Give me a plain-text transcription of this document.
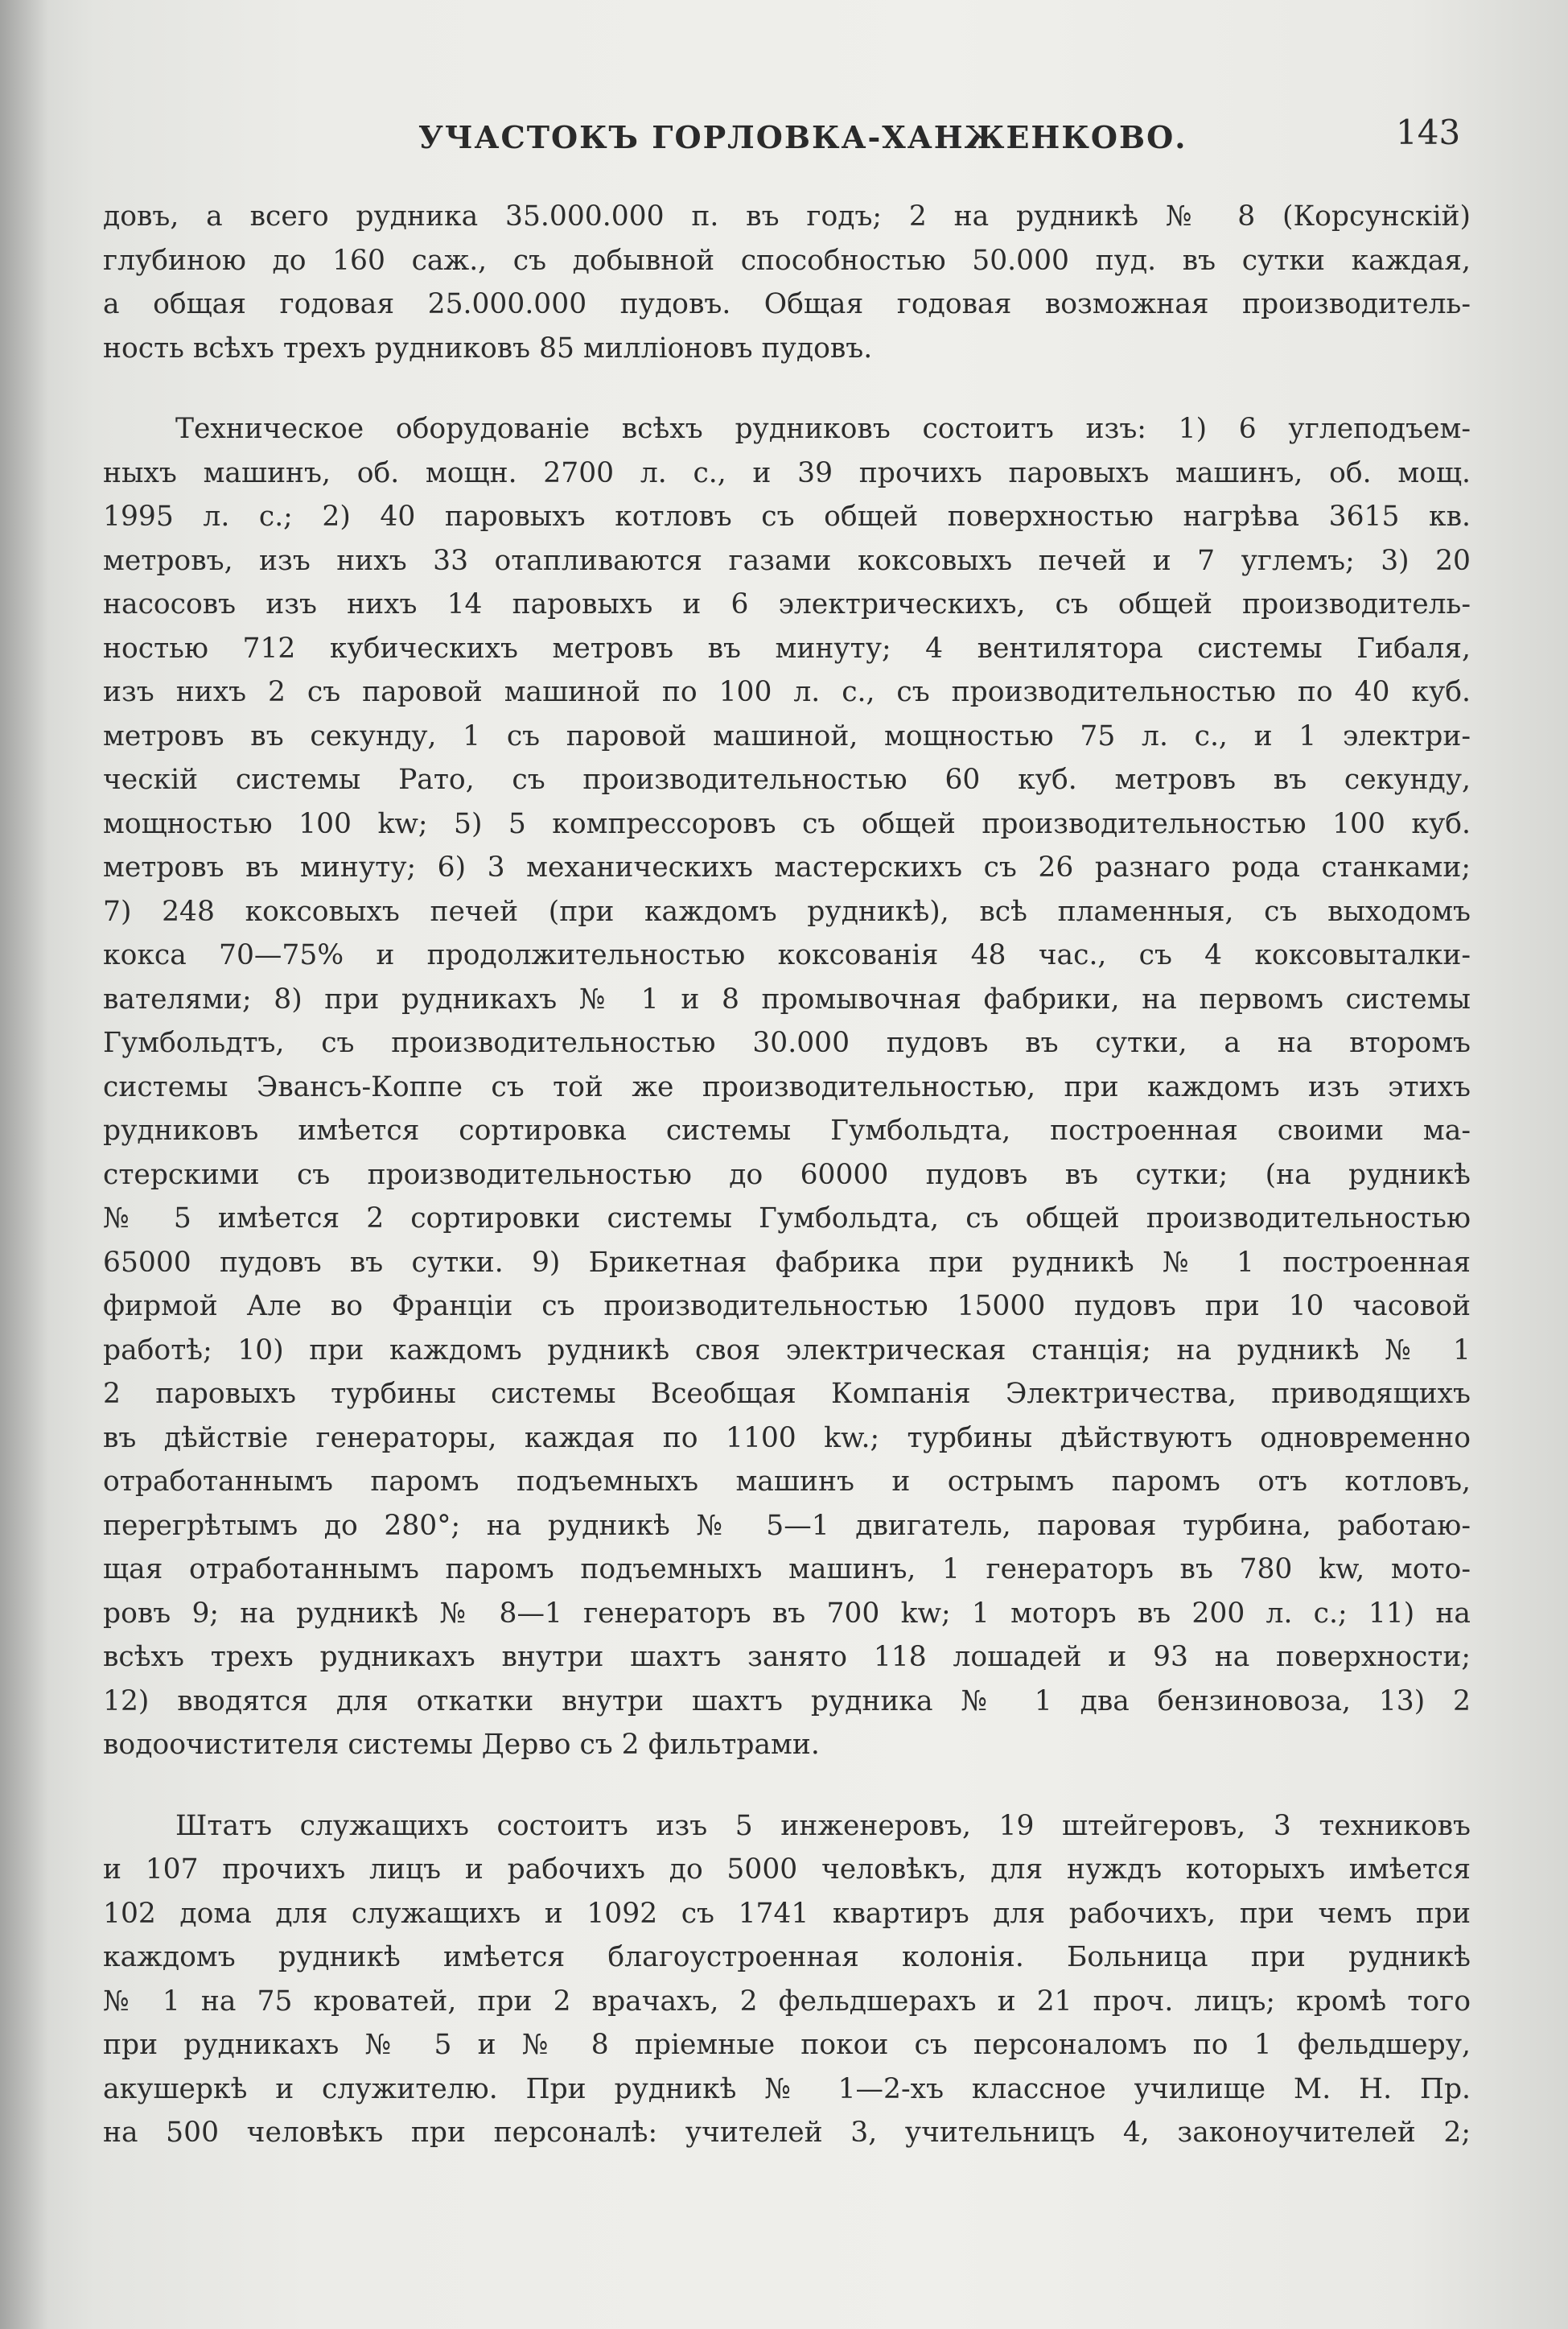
УЧАСТОКЪ ГОРЛОВКА-ХАНЖЕНКОВО.	143
довъ, а всего рудника 35.000.000 п. въ годъ; 2 на рудникѣ № 8 (Корсунскій)
глубиною до 160 саж., съ добывной способностью 50.000 пуд. въ сутки каждая,
а общая годовая 25.000.000 пудовъ. Общая годовая возможная производитель-
ность всѣхъ трехъ рудниковъ 85 милліоновъ пудовъ.
Техническое оборудованіе всѣхъ рудниковъ состоитъ изъ: 1) 6 углеподъем-
ныхъ машинъ, об. мощн. 2700 л. с., и 39 прочихъ паровыхъ машинъ, об. мощ.
1995 л. с.; 2) 40 паровыхъ котловъ съ общей поверхностью нагрѣва 3615 кв.
метровъ, изъ нихъ 33 отапливаются газами коксовыхъ печей и 7 углемъ; 3) 20
насосовъ изъ нихъ 14 паровыхъ и 6 электрическихъ, съ общей производитель-
ностью 712 кубическихъ метровъ въ минуту; 4 вентилятора системы Гибаля,
изъ нихъ 2 съ паровой машиной по 100 л. с., съ производительностью по 40 куб.
метровъ въ секунду, 1 съ паровой машиной, мощностью 75 л. с., и 1 электри-
ческій системы Рато, съ производительностью 60 куб. метровъ въ секунду,
мощностью 100 kw; 5) 5 компрессоровъ съ общей производительностью 100 куб.
метровъ въ минуту; 6) 3 механическихъ мастерскихъ съ 26 разнаго рода станками;
7) 248 коксовыхъ печей (при каждомъ рудникѣ), всѣ пламенныя, съ выходомъ
кокса 70—75% и продолжительностью коксованія 48 час., съ 4 коксовыталки-
вателями; 8) при рудникахъ № 1 и 8 промывочная фабрики, на первомъ системы
Гумбольдтъ, съ производительностью 30.000 пудовъ въ сутки, а на второмъ
системы Эвансъ-Коппе съ той же производительностью, при каждомъ изъ этихъ
рудниковъ имѣется сортировка системы Гумбольдта, построенная своими ма-
стерскими съ производительностью до 60000 пудовъ въ сутки; (на рудникѣ
№ 5 имѣется 2 сортировки системы Гумбольдта, съ общей производительностью
65000 пудовъ въ сутки. 9) Брикетная фабрика при рудникѣ № 1 построенная
фирмой Але во Франціи съ производительностью 15000 пудовъ при 10 часовой
работѣ; 10) при каждомъ рудникѣ своя электрическая станція; на рудникѣ № 1
2 паровыхъ турбины системы Всеобщая Компанія Электричества, приводящихъ
въ дѣйствіе генераторы, каждая по 1100 kw.; турбины дѣйствуютъ одновременно
отработаннымъ паромъ подъемныхъ машинъ и острымъ паромъ отъ котловъ,
перегрѣтымъ до 280°; на рудникѣ № 5—1 двигатель, паровая турбина, работаю-
щая отработаннымъ паромъ подъемныхъ машинъ, 1 генераторъ въ 780 kw, мото-
ровъ 9; на рудникѣ № 8—1 генераторъ въ 700 kw; 1 моторъ въ 200 л. с.; 11) на
всѣхъ трехъ рудникахъ внутри шахтъ занято 118 лошадей и 93 на поверхности;
12) вводятся для откатки внутри шахтъ рудника № 1 два бензиновоза, 13) 2
водоочистителя системы Дерво съ 2 фильтрами.
Штатъ служащихъ состоитъ изъ 5 инженеровъ, 19 штейгеровъ, 3 техниковъ
и 107 прочихъ лицъ и рабочихъ до 5000 человѣкъ, для нуждъ которыхъ имѣется
102 дома для служащихъ и 1092 съ 1741 квартиръ для рабочихъ, при чемъ при
каждомъ рудникѣ имѣется благоустроенная колонія. Больница при рудникѣ
№ 1 на 75 кроватей, при 2 врачахъ, 2 фельдшерахъ и 21 проч. лицъ; кромѣ того
при рудникахъ № 5 и № 8 пріемные покои съ персоналомъ по 1 фельдшеру,
акушеркѣ и служителю. При рудникѣ № 1—2-хъ классное училище М. Н. Пр.
на 500 человѣкъ при персоналѣ: учителей 3, учительницъ 4, законоучителей 2;
